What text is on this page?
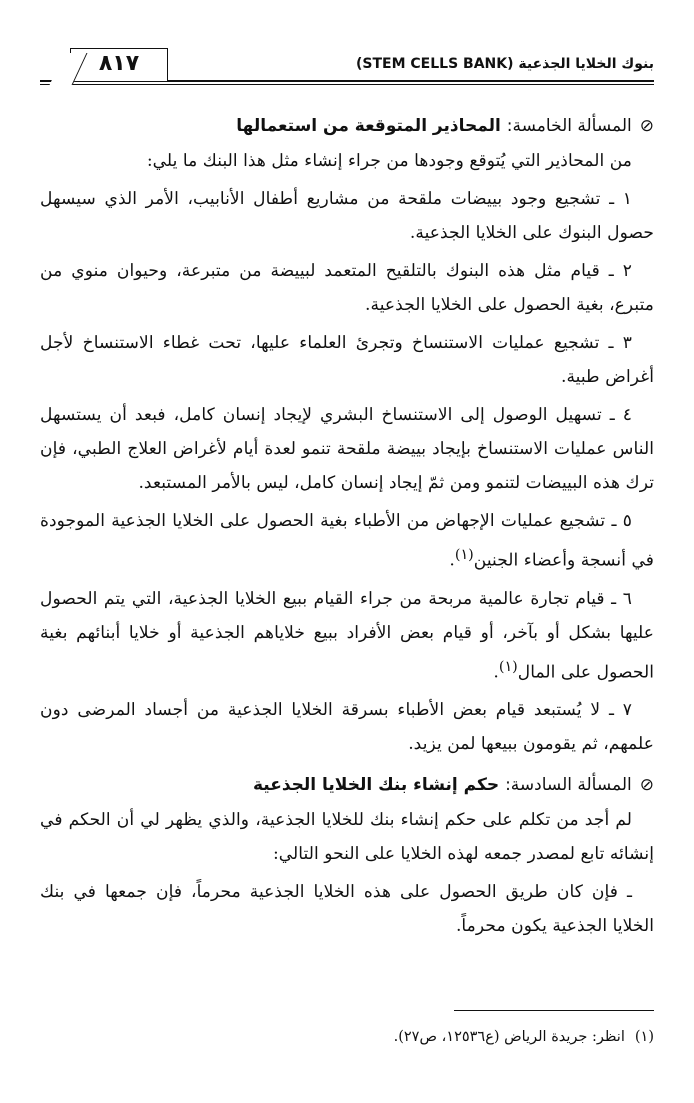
بنوك الخلايا الجذعية (STEM CELLS BANK)
٨١٧

⊘المسألة الخامسة: المحاذير المتوقعة من استعمالها

من المحاذير التي يُتوقع وجودها من جراء إنشاء مثل هذا البنك ما يلي:

١ ـ تشجيع وجود بييضات ملقحة من مشاريع أطفال الأنابيب، الأمر الذي سيسهل حصول البنوك على الخلايا الجذعية.

٢ ـ قيام مثل هذه البنوك بالتلقيح المتعمد لبييضة من متبرعة، وحيوان منوي من متبرع، بغية الحصول على الخلايا الجذعية.

٣ ـ تشجيع عمليات الاستنساخ وتجرئ العلماء عليها، تحت غطاء الاستنساخ لأجل أغراض طبية.

٤ ـ تسهيل الوصول إلى الاستنساخ البشري لإيجاد إنسان كامل، فبعد أن يستسهل الناس عمليات الاستنساخ بإيجاد بييضة ملقحة تنمو لعدة أيام لأغراض العلاج الطبي، فإن ترك هذه البييضات لتنمو ومن ثمّ إيجاد إنسان كامل، ليس بالأمر المستبعد.

٥ ـ تشجيع عمليات الإجهاض من الأطباء بغية الحصول على الخلايا الجذعية الموجودة في أنسجة وأعضاء الجنين$^{(١)}$.

٦ ـ قيام تجارة عالمية مربحة من جراء القيام ببيع الخلايا الجذعية، التي يتم الحصول عليها بشكل أو بآخر، أو قيام بعض الأفراد ببيع خلاياهم الجذعية أو خلايا أبنائهم بغية الحصول على المال$^{(١)}$.

٧ ـ لا يُستبعد قيام بعض الأطباء بسرقة الخلايا الجذعية من أجساد المرضى دون علمهم، ثم يقومون ببيعها لمن يزيد.

⊘المسألة السادسة: حكم إنشاء بنك الخلايا الجذعية

لم أجد من تكلم على حكم إنشاء بنك للخلايا الجذعية، والذي يظهر لي أن الحكم في إنشائه تابع لمصدر جمعه لهذه الخلايا على النحو التالي:

ـ فإن كان طريق الحصول على هذه الخلايا الجذعية محرماً، فإن جمعها في بنك الخلايا الجذعية يكون محرماً.

(١)انظر: جريدة الرياض (ع١٢٥٣٦، ص٢٧).
